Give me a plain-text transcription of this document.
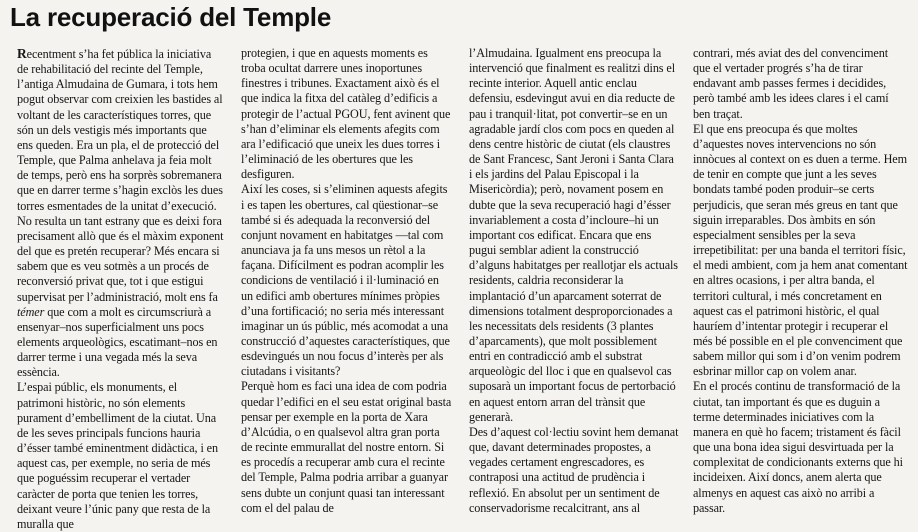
La recuperació del Temple

Recentment s’ha fet pública la iniciativa de rehabilitació del recinte del Temple, l’antiga Almudaina de Gumara, i tots hem pogut observar com creixien les bastides al voltant de les característiques torres, que són un dels vestigis més importants que ens queden. Era un pla, el de protecció del Temple, que Palma anhelava ja feia molt de temps, però ens ha sorprès sobremanera que en darrer terme s’hagin exclòs les dues torres esmentades de la unitat d’execució. No resulta un tant estrany que es deixi fora precisament allò que és el màxim exponent del que es pretén recuperar? Més encara si sabem que es veu sotmès a un procés de reconversió privat que, tot i que estigui supervisat per l’administració, molt ens fa témer que com a molt es circumscriurà a ensenyar–nos superficialment uns pocs elements arqueològics, escatimant–nos en darrer terme i una vegada més la seva essència.

L’espai públic, els monuments, el patrimoni històric, no són elements purament d’embelliment de la ciutat. Una de les seves principals funcions hauria d’ésser també eminentment didàctica, i en aquest cas, per exemple, no seria de més que poguéssim recuperar el vertader caràcter de porta que tenien les torres, deixant veure l’únic pany que resta de la muralla que

protegien, i que en aquests moments es troba ocultat darrere unes inoportunes finestres i tribunes. Exactament això és el que indica la fitxa del catàleg d’edificis a protegir de l’actual PGOU, fent avinent que s’han d’eliminar els elements afegits com ara l’edificació que uneix les dues torres i l’eliminació de les obertures que les desfiguren.

Així les coses, si s’eliminen aquests afegits i es tapen les obertures, cal qüestionar–se també si és adequada la reconversió del conjunt novament en habitatges —tal com anunciava ja fa uns mesos un rètol a la façana. Difícilment es podran acomplir les condicions de ventilació i il·luminació en un edifici amb obertures mínimes pròpies d’una fortificació; no seria més interessant imaginar un ús públic, més acomodat a una construcció d’aquestes característiques, que esdevingués un nou focus d’interès per als ciutadans i visitants?

Perquè hom es faci una idea de com podria quedar l’edifici en el seu estat original basta pensar per exemple en la porta de Xara d’Alcúdia, o en qualsevol altra gran porta de recinte emmurallat del nostre entorn. Si es procedís a recuperar amb cura el recinte del Temple, Palma podria arribar a guanyar sens dubte un conjunt quasi tan interessant com el del palau de

l’Almudaina. Igualment ens preocupa la intervenció que finalment es realitzi dins el recinte interior. Aquell antic enclau defensiu, esdevingut avui en dia reducte de pau i tranquil·litat, pot convertir–se en un agradable jardí clos com pocs en queden al dens centre històric de ciutat (els claustres de Sant Francesc, Sant Jeroni i Santa Clara i els jardins del Palau Episcopal i la Misericòrdia); però, novament posem en dubte que la seva recuperació hagi d’ésser invariablement a costa d’incloure–hi un important cos edificat. Encara que ens pugui semblar adient la construcció d’alguns habitatges per reallotjar els actuals residents, caldria reconsiderar la implantació d’un aparcament soterrat de dimensions totalment desproporcionades a les necessitats dels residents (3 plantes d’aparcaments), que molt possiblement entri en contradicció amb el substrat arqueològic del lloc i que en qualsevol cas suposarà un important focus de pertorbació en aquest entorn arran del trànsit que generarà.

Des d’aquest col·lectiu sovint hem demanat que, davant determinades propostes, a vegades certament engrescadores, es contraposi una actitud de prudència i reflexió. En absolut per un sentiment de conservadorisme recalcitrant, ans al

contrari, més aviat des del convenciment que el vertader progrés s’ha de tirar endavant amb passes fermes i decidides, però també amb les idees clares i el camí ben traçat.

El que ens preocupa és que moltes d’aquestes noves intervencions no són innòcues al context on es duen a terme. Hem de tenir en compte que junt a les seves bondats també poden produir–se certs perjudicis, que seran més greus en tant que siguin irreparables. Dos àmbits en són especialment sensibles per la seva irrepetibilitat: per una banda el territori físic, el medi ambient, com ja hem anat comentant en altres ocasions, i per altra banda, el territori cultural, i més concretament en aquest cas el patrimoni històric, el qual hauríem d’intentar protegir i recuperar el més bé possible en el ple convenciment que sabem millor qui som i d’on venim podrem esbrinar millor cap on volem anar.

En el procés continu de transformació de la ciutat, tan important és que es duguin a terme determinades iniciatives com la manera en què ho facem; tristament és fàcil que una bona idea sigui desvirtuada per la complexitat de condicionants externs que hi incideixen. Així doncs, anem alerta que almenys en aquest cas això no arribi a passar.
